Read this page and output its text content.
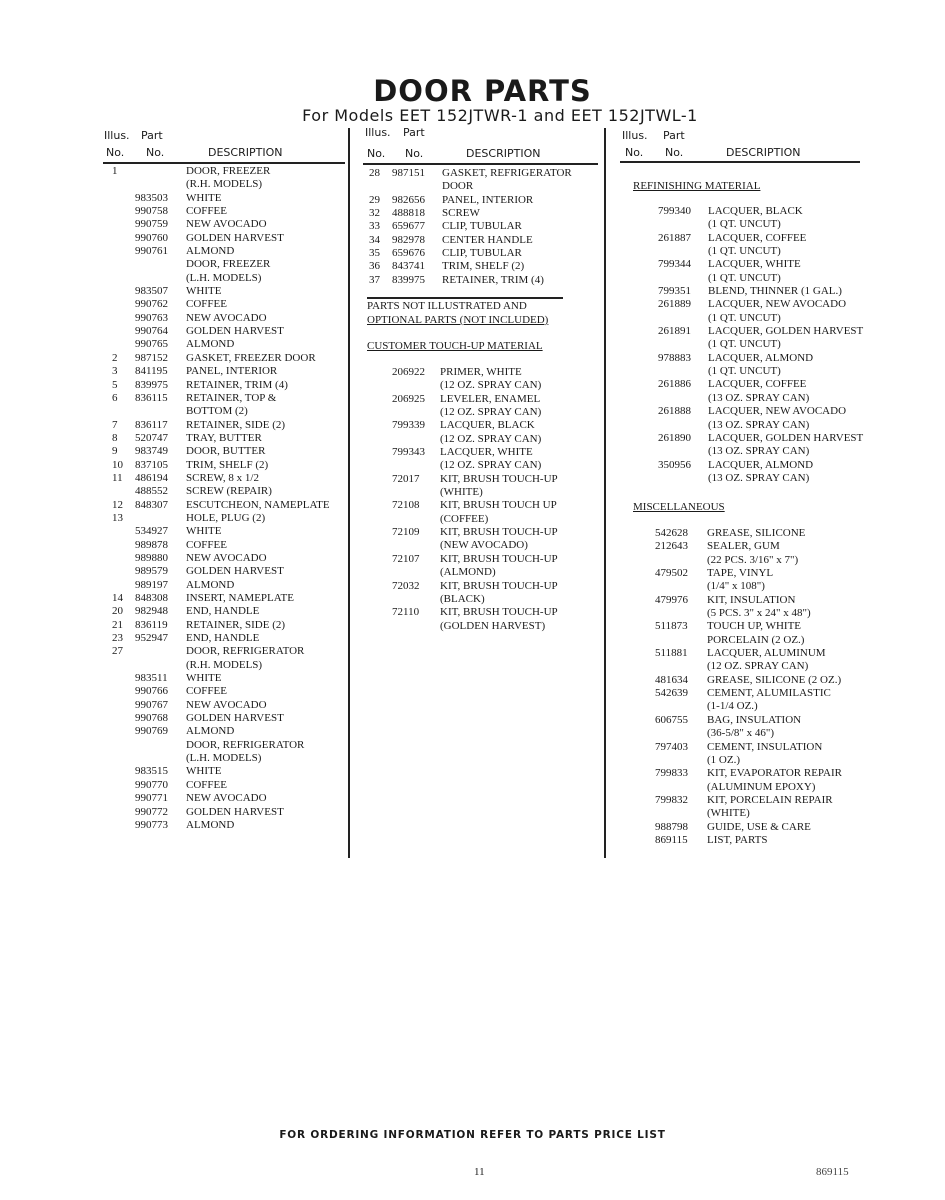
DOOR PARTS
For Models EET 152JTWR-1 and EET 152JTWL-1
Illus. Part
No. No.	DESCRIPTION
Illus. Part
No. No.	DESCRIPTION
Illus. Part
No. No.	DESCRIPTION
1	DOOR, FREEZER
(R.H. MODELS)
983503 WHITE
990758 COFFEE
990759 NEW AVOCADO
990760 GOLDEN HARVEST
990761 ALMOND
DOOR, FREEZER
(L.H. MODELS)
983507 WHITE
990762 COFFEE
990763 NEW AVOCADO
990764 GOLDEN HARVEST
990765 ALMOND
2 987152 GASKET, FREEZER DOOR
3 841195 PANEL, INTERIOR
5 839975 RETAINER, TRIM (4)
6 836115 RETAINER, TOP &
BOTTOM (2)
7 836117 RETAINER, SIDE (2)
8 520747 TRAY, BUTTER
9 983749 DOOR, BUTTER
10 837105 TRIM, SHELF (2)
11 486194 SCREW, 8 x 1/2
488552 SCREW (REPAIR)
12 848307 ESCUTCHEON, NAMEPLATE
13	HOLE, PLUG (2)
534927 WHITE
989878 COFFEE
989880 NEW AVOCADO
989579 GOLDEN HARVEST
989197 ALMOND
14 848308 INSERT, NAMEPLATE
20 982948 END, HANDLE
21 836119 RETAINER, SIDE (2)
23 952947 END, HANDLE
27	DOOR, REFRIGERATOR
(R.H. MODELS)
983511 WHITE
990766 COFFEE
990767 NEW AVOCADO
990768 GOLDEN HARVEST
990769 ALMOND
DOOR, REFRIGERATOR
(L.H. MODELS)
983515 WHITE
990770 COFFEE
990771 NEW AVOCADO
990772 GOLDEN HARVEST
990773 ALMOND
28 987151 GASKET, REFRIGERATOR
DOOR
29 982656 PANEL, INTERIOR
32 488818 SCREW
33 659677 CLIP, TUBULAR
34 982978 CENTER HANDLE
35 659676 CLIP, TUBULAR
36 843741 TRIM, SHELF (2)
37 839975 RETAINER, TRIM (4)
PARTS NOT ILLUSTRATED AND
OPTIONAL PARTS (NOT INCLUDED)
CUSTOMER TOUCH-UP MATERIAL
206922 PRIMER, WHITE
(12 OZ. SPRAY CAN)
206925 LEVELER, ENAMEL
(12 OZ. SPRAY CAN)
799339 LACQUER, BLACK
(12 OZ. SPRAY CAN)
799343 LACQUER, WHITE
(12 OZ. SPRAY CAN)
72017 KIT, BRUSH TOUCH-UP
(WHITE)
72108 KIT, BRUSH TOUCH UP
(COFFEE)
72109 KIT, BRUSH TOUCH-UP
(NEW AVOCADO)
72107 KIT, BRUSH TOUCH-UP
(ALMOND)
72032 KIT, BRUSH TOUCH-UP
(BLACK)
72110 KIT, BRUSH TOUCH-UP
(GOLDEN HARVEST)
REFINISHING MATERIAL
799340 LACQUER, BLACK
(1 QT. UNCUT)
261887 LACQUER, COFFEE
(1 QT. UNCUT)
799344 LACQUER, WHITE
(1 QT. UNCUT)
799351 BLEND, THINNER (1 GAL.)
261889 LACQUER, NEW AVOCADO
(1 QT. UNCUT)
261891 LACQUER, GOLDEN HARVEST
(1 QT. UNCUT)
978883 LACQUER, ALMOND
(1 QT. UNCUT)
261886 LACQUER, COFFEE
(13 OZ. SPRAY CAN)
261888 LACQUER, NEW AVOCADO
(13 OZ. SPRAY CAN)
261890 LACQUER, GOLDEN HARVEST
(13 OZ. SPRAY CAN)
350956 LACQUER, ALMOND
(13 OZ. SPRAY CAN)
MISCELLANEOUS
542628 GREASE, SILICONE
212643 SEALER, GUM
(22 PCS. 3/16" x 7")
479502 TAPE, VINYL
(1/4" x 108")
479976 KIT, INSULATION
(5 PCS. 3" x 24" x 48")
511873 TOUCH UP, WHITE
PORCELAIN (2 OZ.)
511881 LACQUER, ALUMINUM
(12 OZ. SPRAY CAN)
481634 GREASE, SILICONE (2 OZ.)
542639 CEMENT, ALUMILASTIC
(1-1/4 OZ.)
606755 BAG, INSULATION
(36-5/8" x 46")
797403 CEMENT, INSULATION
(1 OZ.)
799833 KIT, EVAPORATOR REPAIR
(ALUMINUM EPOXY)
799832 KIT, PORCELAIN REPAIR
(WHITE)
988798 GUIDE, USE & CARE
869115 LIST, PARTS
FOR ORDERING INFORMATION REFER TO PARTS PRICE LIST
11	869115
